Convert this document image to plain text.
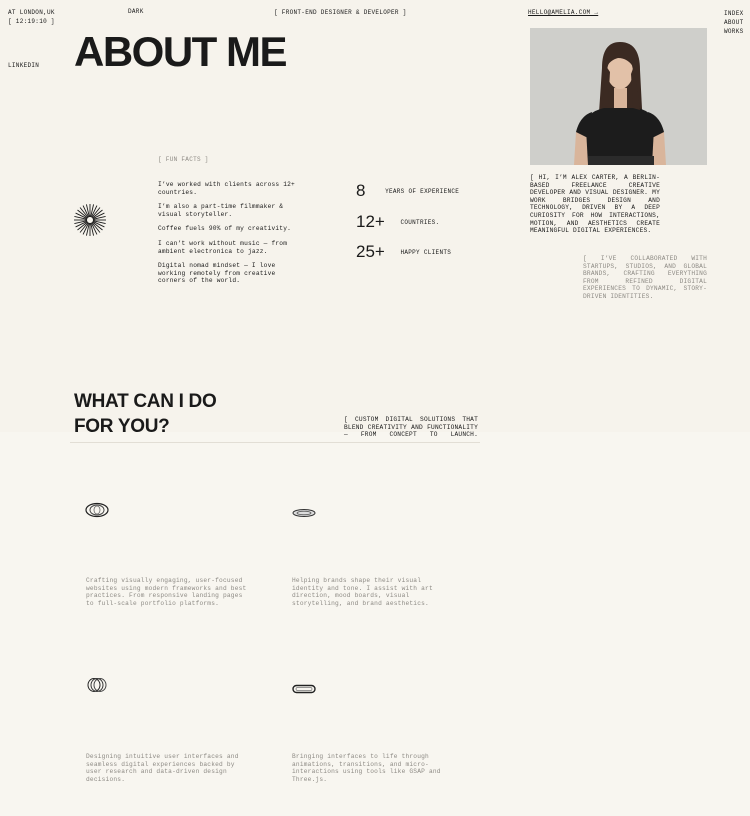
AT LONDON,UK
[ 12:19:10 ]
DARK	[ FRONT-END DESIGNER & DEVELOPER ]	HELLO@AMELIA.COM →	INDEX
ABOUT
WORKS
LINKEDIN ABOUT ME
[ HI, I’M ALEX CARTER, A BERLIN-BASED FREELANCE CREATIVE DEVELOPER AND VISUAL DESIGNER. MY WORK BRIDGES DESIGN AND TECHNOLOGY, DRIVEN BY A DEEP CURIOSITY FOR HOW INTERACTIONS, MOTION, AND AESTHETICS CREATE MEANINGFUL DIGITAL EXPERIENCES.
[ I’VE COLLABORATED WITH STARTUPS, STUDIOS, AND GLOBAL BRANDS, CRAFTING EVERYTHING FROM REFINED DIGITAL EXPERIENCES TO DYNAMIC, STORY-DRIVEN IDENTITIES.
[ FUN FACTS ]

I’ve worked with clients across 12+ countries.

I’m also a part-time filmmaker & visual storyteller.

Coffee fuels 90% of my creativity.

I can’t work without music — from ambient electronica to jazz.

Digital nomad mindset — I love working remotely from creative corners of the world.

8	YEARS OF EXPERIENCE
12+	COUNTRIES.
25+	HAPPY CLIENTS
WHAT CAN I DO
FOR YOU?	[ CUSTOM DIGITAL SOLUTIONS THAT BLEND CREATIVITY AND FUNCTIONALITY — FROM CONCEPT TO LAUNCH.
Crafting visually engaging, user-focused websites using modern frameworks and best practices. From responsive landing pages to full-scale portfolio platforms.
Helping brands shape their visual identity and tone. I assist with art direction, mood boards, visual storytelling, and brand aesthetics.
Designing intuitive user interfaces and seamless digital experiences backed by user research and data-driven design decisions.
Bringing interfaces to life through animations, transitions, and micro-interactions using tools like GSAP and Three.js.
